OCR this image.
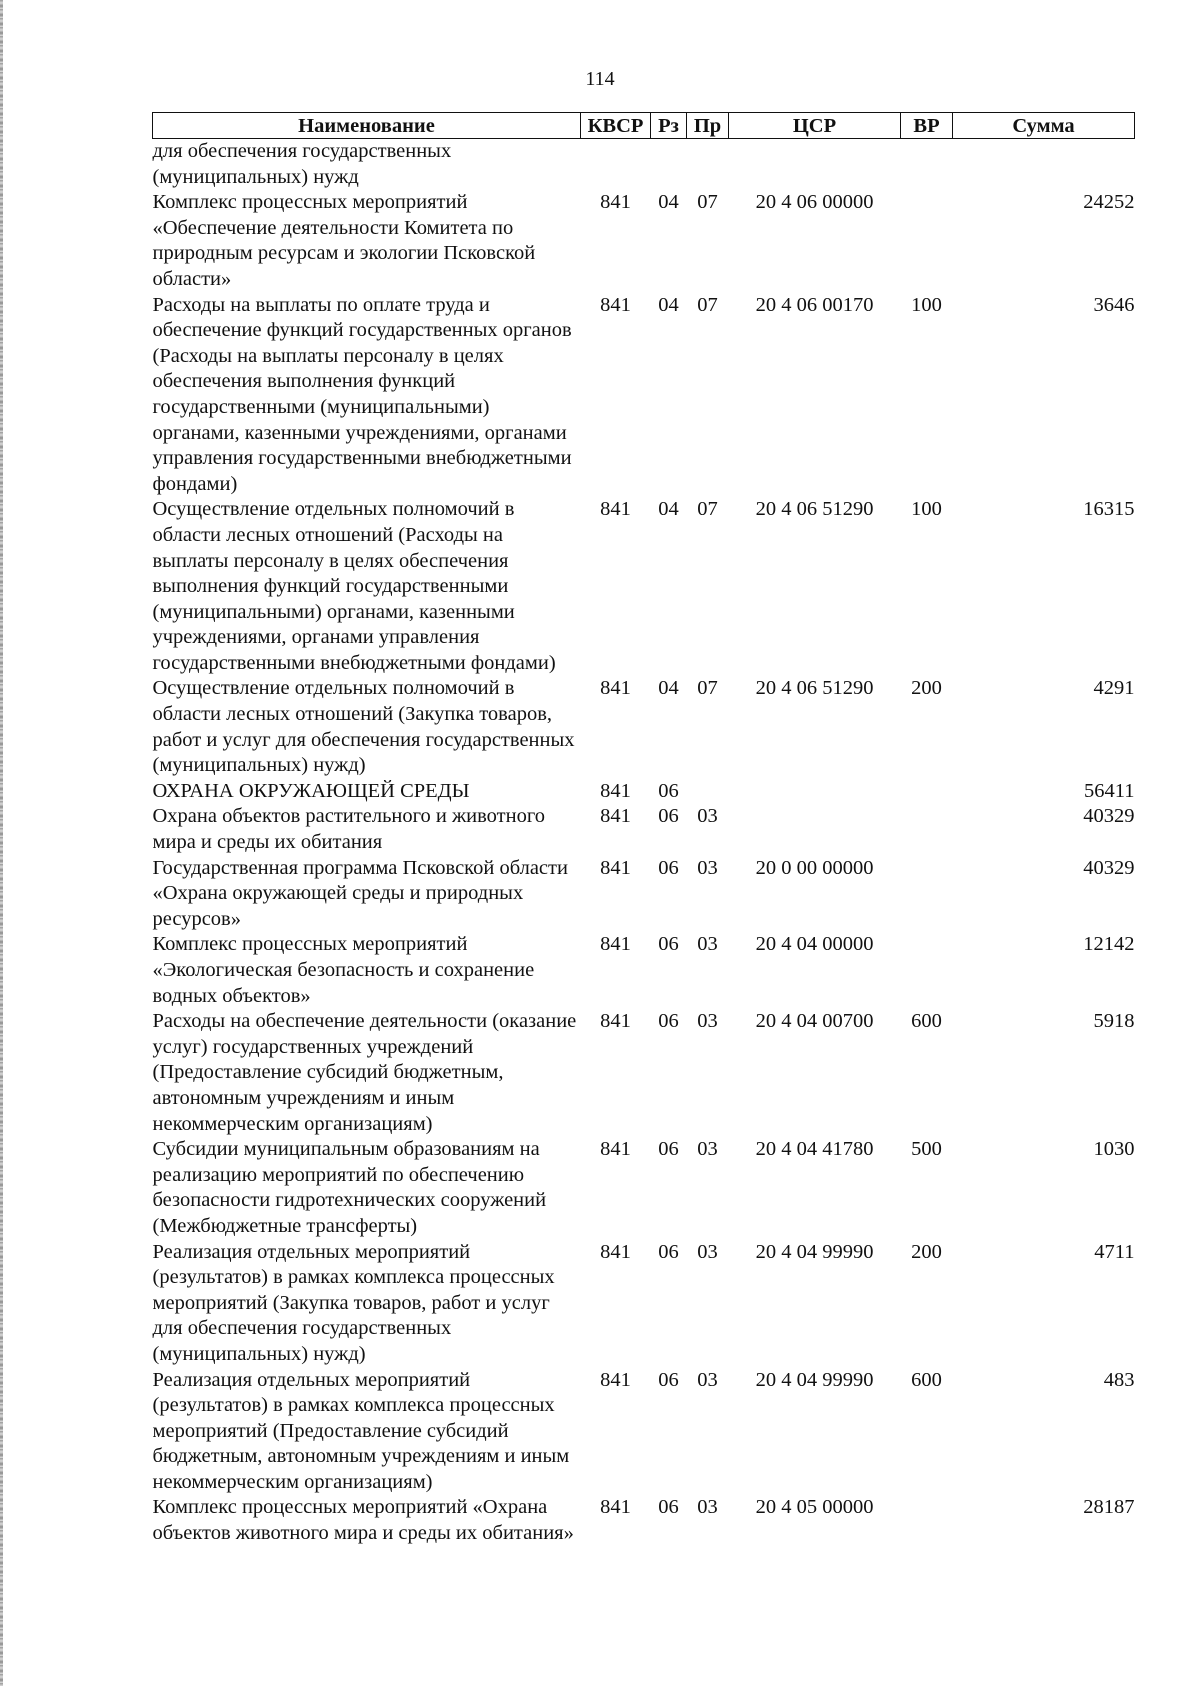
114
Наименование	КВСР	Рз	Пр	ЦСР	ВР	Сумма
для обеспечения государственных (муниципальных) нужд						
Комплекс процессных мероприятий «Обеспечение деятельности Комитета по природным ресурсам и экологии Псковской области»	841	04	07	20 4 06 00000		24252
Расходы на выплаты по оплате труда и обеспечение функций государственных органов (Расходы на выплаты персоналу в целях обеспечения выполнения функций государственными (муниципальными) органами, казенными учреждениями, органами управления государственными внебюджетными фондами)	841	04	07	20 4 06 00170	100	3646
Осуществление отдельных полномочий в области лесных отношений (Расходы на выплаты персоналу в целях обеспечения выполнения функций государственными (муниципальными) органами, казенными учреждениями, органами управления государственными внебюджетными фондами)	841	04	07	20 4 06 51290	100	16315
Осуществление отдельных полномочий в области лесных отношений (Закупка товаров, работ и услуг для обеспечения государственных (муниципальных) нужд)	841	04	07	20 4 06 51290	200	4291
ОХРАНА ОКРУЖАЮЩЕЙ СРЕДЫ	841	06				56411
Охрана объектов растительного и животного мира и среды их обитания	841	06	03			40329
Государственная программа Псковской области «Охрана окружающей среды и природных ресурсов»	841	06	03	20 0 00 00000		40329
Комплекс процессных мероприятий «Экологическая безопасность и сохранение водных объектов»	841	06	03	20 4 04 00000		12142
Расходы на обеспечение деятельности (оказание услуг) государственных учреждений (Предоставление субсидий бюджетным, автономным учреждениям и иным некоммерческим организациям)	841	06	03	20 4 04 00700	600	5918
Субсидии муниципальным образованиям на реализацию мероприятий по обеспечению безопасности гидротехнических сооружений (Межбюджетные трансферты)	841	06	03	20 4 04 41780	500	1030
Реализация отдельных мероприятий (результатов) в рамках комплекса процессных мероприятий (Закупка товаров, работ и услуг для обеспечения государственных (муниципальных) нужд)	841	06	03	20 4 04 99990	200	4711
Реализация отдельных мероприятий (результатов) в рамках комплекса процессных мероприятий (Предоставление субсидий бюджетным, автономным учреждениям и иным некоммерческим организациям)	841	06	03	20 4 04 99990	600	483
Комплекс процессных мероприятий «Охрана объектов животного мира и среды их обитания»	841	06	03	20 4 05 00000		28187
